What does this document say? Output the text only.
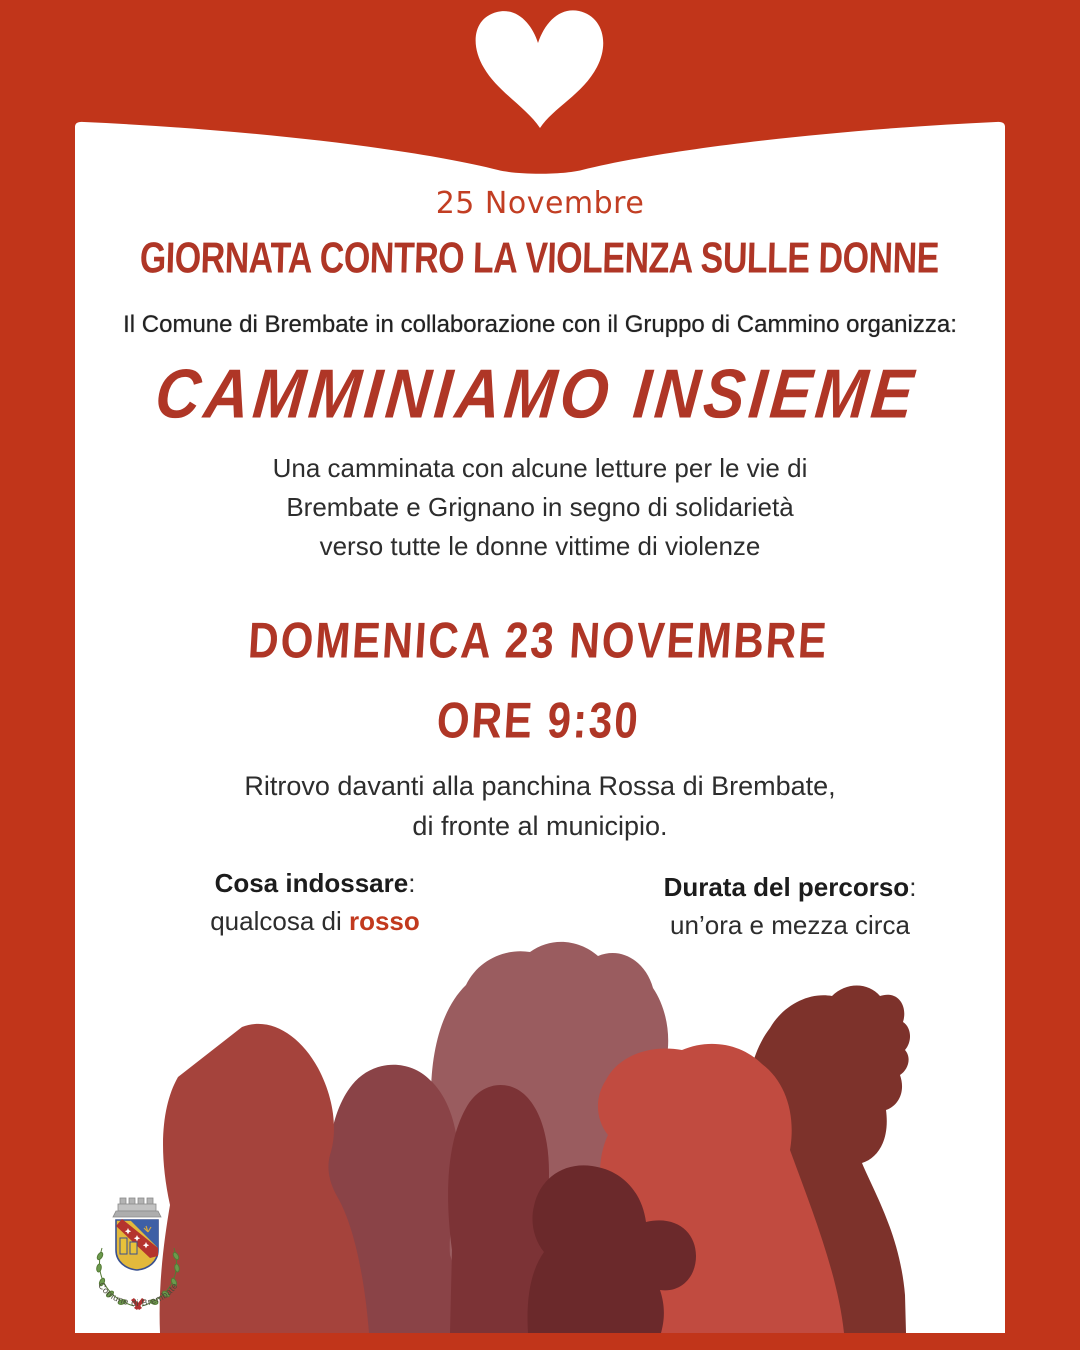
25 Novembre
GIORNATA CONTRO LA VIOLENZA SULLE DONNE
Il Comune di Brembate in collaborazione con il Gruppo di Cammino organizza:
CAMMINIAMO INSIEME
Una camminata con alcune letture per le vie di
Brembate e Grignano in segno di solidarietà
verso tutte le donne vittime di violenze
DOMENICA 23 NOVEMBRE
ORE 9:30
Ritrovo davanti alla panchina Rossa di Brembate,
di fronte al municipio.
Cosa indossare:
qualcosa di rosso
Durata del percorso:
un’ora e mezza circa
Comune di Brembate
